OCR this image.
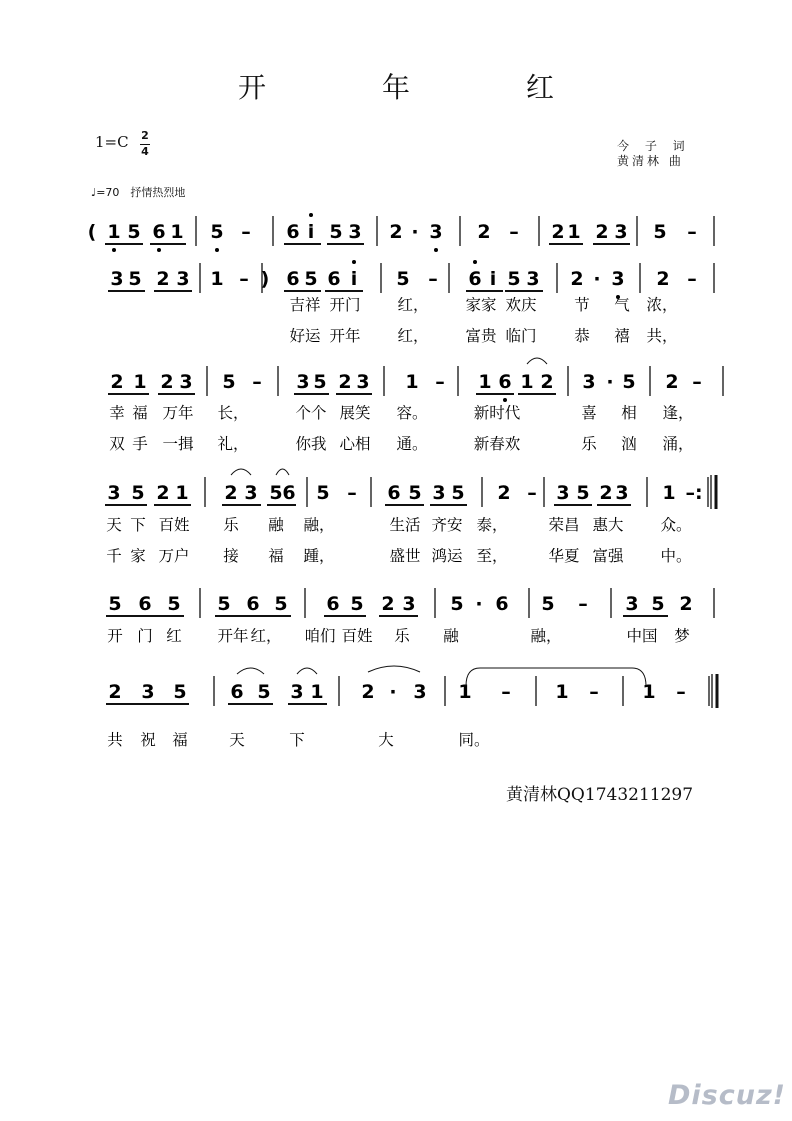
开　年　红
1=C 2
4	今 子 词
黄清林 曲
♩=70　抒情热烈地
( 1 5 6 1 5 – 6 i 5 3 2 · 3 2 – 2 1 2 3 5 –
)
3 5 2 3 1 – 6 5 6 i 5 – 6 i 5 3 2 · 3 2 –
吉祥 开门 红， 家家 欢庆 节 气 浓，
好运 开年 红， 富贵 临门 恭 禧 共，
2 1 2 3 5 – 3 5 2 3 1 – 1 6 1 2 3 · 5 2 –
幸 福 万年 长，	个个 展笑 容。	新时代	喜 相 逢，
双 手 一揖 礼，	你我 心相 通。	新春欢	乐 汹 涌，
3 5 2 1 2 3 5 6 5 – 6 5 3 5 2 – 3 5 2 3 1 –:
天 下 百姓 乐 融 融，	生活 齐安 泰，	荣昌 惠大 众。
千 家 万户 接 福 踵，	盛世 鸿运 至，	华夏 富强 中。
5 6 5 5 6 5 6 5 2 3 5 · 6 5 – 3 5 2
开 门 红 开年 红， 咱们 百姓 乐 融	融，	中国 梦
2 3 5 6 5 3 1 2 · 3 1 – 1 – 1 –
共 祝 福	天	下	大	同。
黄清林QQ1743211297
Discuz!
